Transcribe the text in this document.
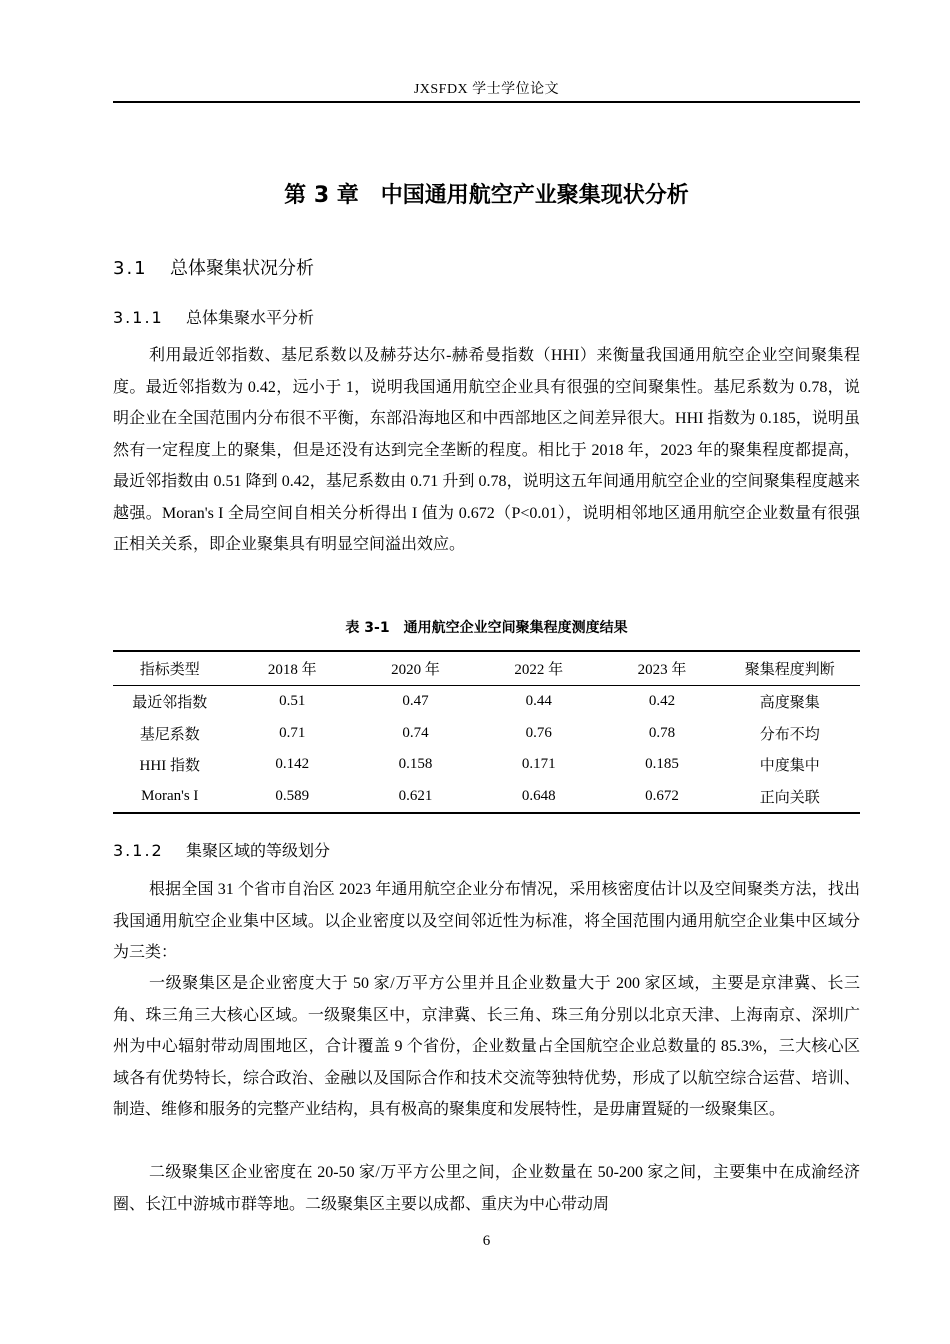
JXSFDX 学士学位论文
第 3 章　中国通用航空产业聚集现状分析
3.1 总体聚集状况分析
3.1.1 总体集聚水平分析

利用最近邻指数、基尼系数以及赫芬达尔-赫希曼指数（HHI）来衡量我国通用航空企业空间聚集程度。最近邻指数为 0.42，远小于 1，说明我国通用航空企业具有很强的空间聚集性。基尼系数为 0.78，说明企业在全国范围内分布很不平衡，东部沿海地区和中西部地区之间差异很大。HHI 指数为 0.185，说明虽然有一定程度上的聚集，但是还没有达到完全垄断的程度。相比于 2018 年，2023 年的聚集程度都提高，最近邻指数由 0.51 降到 0.42，基尼系数由 0.71 升到 0.78，说明这五年间通用航空企业的空间聚集程度越来越强。Moran's I 全局空间自相关分析得出 I 值为 0.672（P<0.01），说明相邻地区通用航空企业数量有很强正相关关系，即企业聚集具有明显空间溢出效应。

表 3-1 通用航空企业空间聚集程度测度结果
指标类型	2018 年	2020 年	2022 年	2023 年	聚集程度判断
最近邻指数	0.51	0.47	0.44	0.42	高度聚集
基尼系数	0.71	0.74	0.76	0.78	分布不均
HHI 指数	0.142	0.158	0.171	0.185	中度集中
Moran's I	0.589	0.621	0.648	0.672	正向关联
3.1.2 集聚区域的等级划分

根据全国 31 个省市自治区 2023 年通用航空企业分布情况，采用核密度估计以及空间聚类方法，找出我国通用航空企业集中区域。以企业密度以及空间邻近性为标准，将全国范围内通用航空企业集中区域分为三类：

一级聚集区是企业密度大于 50 家/万平方公里并且企业数量大于 200 家区域，主要是京津冀、长三角、珠三角三大核心区域。一级聚集区中，京津冀、长三角、珠三角分别以北京天津、上海南京、深圳广州为中心辐射带动周围地区，合计覆盖 9 个省份，企业数量占全国航空企业总数量的 85.3%，三大核心区域各有优势特长，综合政治、金融以及国际合作和技术交流等独特优势，形成了以航空综合运营、培训、制造、维修和服务的完整产业结构，具有极高的聚集度和发展特性，是毋庸置疑的一级聚集区。

二级聚集区企业密度在 20-50 家/万平方公里之间，企业数量在 50-200 家之间，主要集中在成渝经济圈、长江中游城市群等地。二级聚集区主要以成都、重庆为中心带动周

6
